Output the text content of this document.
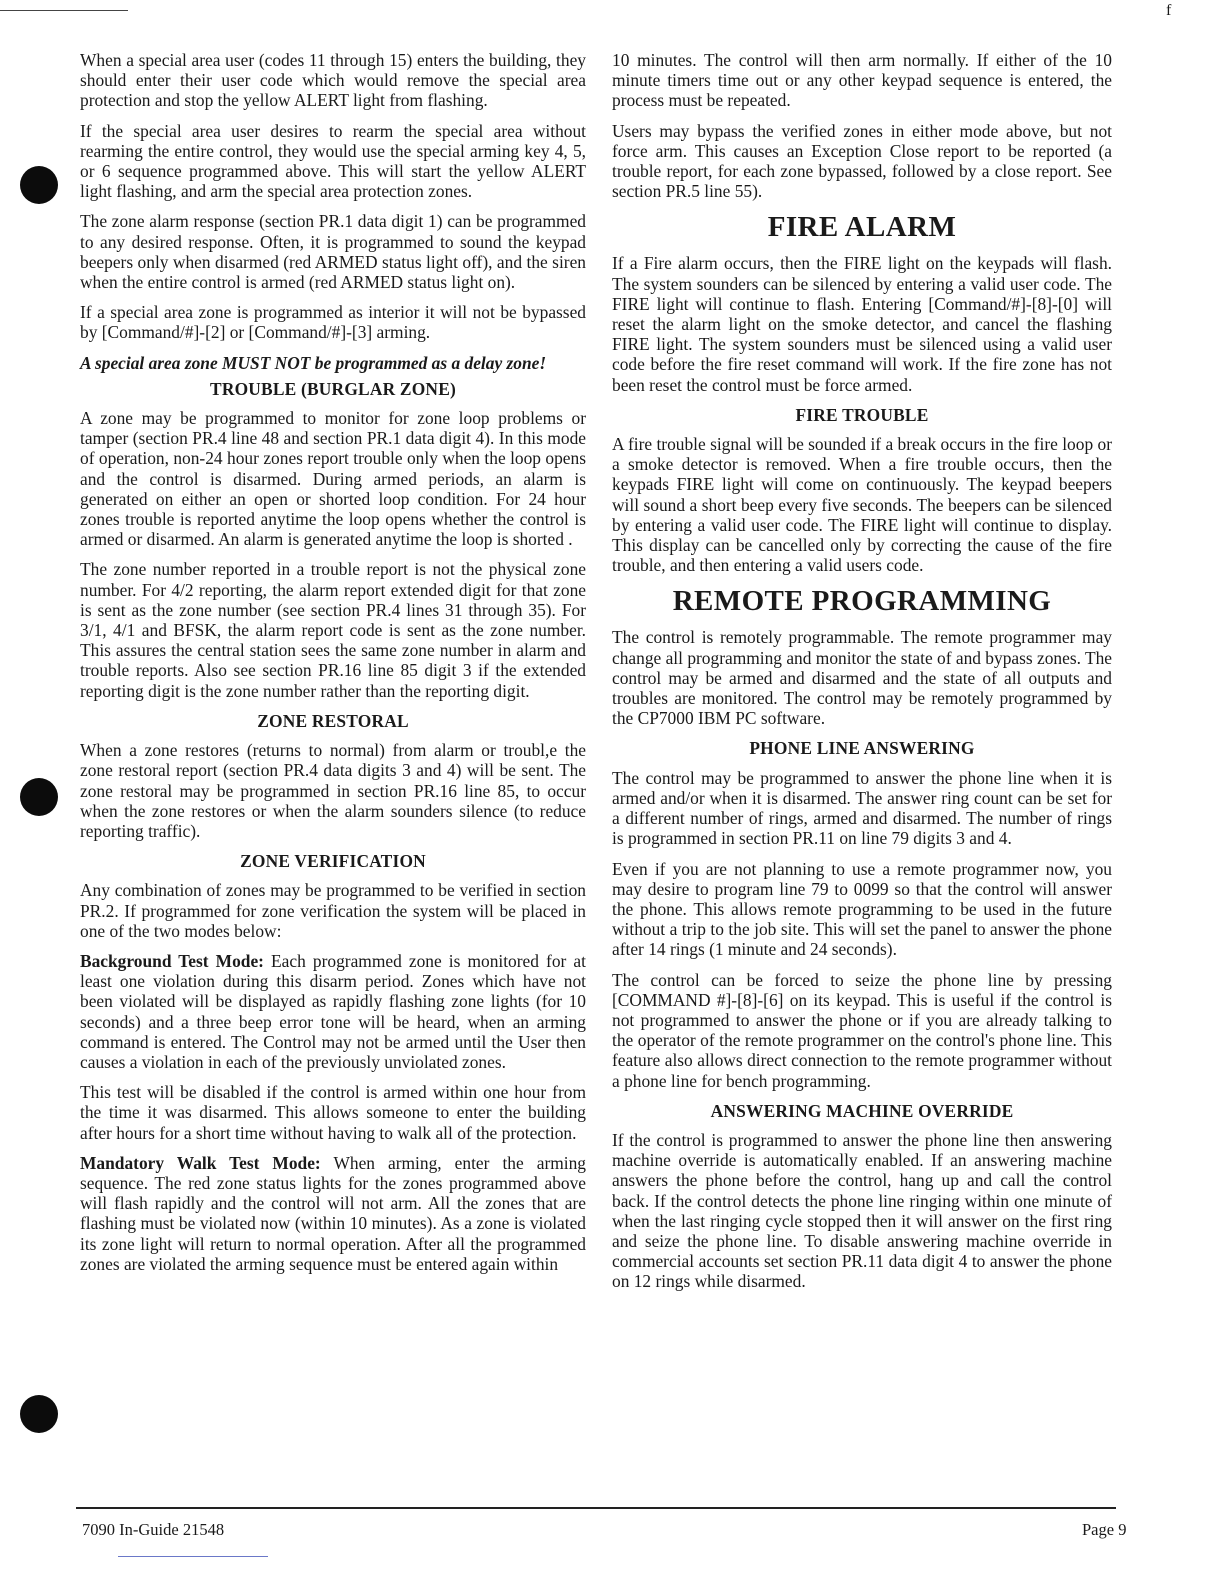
f

When a special area user (codes 11 through 15) enters the building, they should enter their user code which would remove the special area protection and stop the yellow ALERT light from flashing.

If the special area user desires to rearm the special area without rearming the entire control, they would use the special arming key 4, 5, or 6 sequence programmed above. This will start the yellow ALERT light flashing, and arm the special area protection zones.

The zone alarm response (section PR.1 data digit 1) can be programmed to any desired response. Often, it is programmed to sound the keypad beepers only when disarmed (red ARMED status light off), and the siren when the entire control is armed (red ARMED status light on).

If a special area zone is programmed as interior it will not be bypassed by [Command/#]-[2] or [Command/#]-[3] arming.

A special area zone MUST NOT be programmed as a delay zone!

TROUBLE (BURGLAR ZONE)

A zone may be programmed to monitor for zone loop problems or tamper (section PR.4 line 48 and section PR.1 data digit 4). In this mode of operation, non-24 hour zones report trouble only when the loop opens and the control is disarmed. During armed periods, an alarm is generated on either an open or shorted loop condition. For 24 hour zones trouble is reported anytime the loop opens whether the control is armed or disarmed. An alarm is generated anytime the loop is shorted .

The zone number reported in a trouble report is not the physical zone number. For 4/2 reporting, the alarm report extended digit for that zone is sent as the zone number (see section PR.4 lines 31 through 35). For 3/1, 4/1 and BFSK, the alarm report code is sent as the zone number. This assures the central station sees the same zone number in alarm and trouble reports. Also see section PR.16 line 85 digit 3 if the extended reporting digit is the zone number rather than the reporting digit.

ZONE RESTORAL

When a zone restores (returns to normal) from alarm or troubl,e the zone restoral report (section PR.4 data digits 3 and 4) will be sent. The zone restoral may be programmed in section PR.16 line 85, to occur when the zone restores or when the alarm sounders silence (to reduce reporting traffic).

ZONE VERIFICATION

Any combination of zones may be programmed to be verified in section PR.2. If programmed for zone verification the system will be placed in one of the two modes below:

Background Test Mode: Each programmed zone is monitored for at least one violation during this disarm period. Zones which have not been violated will be displayed as rapidly flashing zone lights (for 10 seconds) and a three beep error tone will be heard, when an arming command is entered. The Control may not be armed until the User then causes a violation in each of the previously unviolated zones.

This test will be disabled if the control is armed within one hour from the time it was disarmed. This allows someone to enter the building after hours for a short time without having to walk all of the protection.

Mandatory Walk Test Mode: When arming, enter the arming sequence. The red zone status lights for the zones programmed above will flash rapidly and the control will not arm. All the zones that are flashing must be violated now (within 10 minutes). As a zone is violated its zone light will return to normal operation. After all the programmed zones are violated the arming sequence must be entered again within

10 minutes. The control will then arm normally. If either of the 10 minute timers time out or any other keypad sequence is entered, the process must be repeated.

Users may bypass the verified zones in either mode above, but not force arm. This causes an Exception Close report to be reported (a trouble report, for each zone bypassed, followed by a close report. See section PR.5 line 55).

FIRE ALARM

If a Fire alarm occurs, then the FIRE light on the keypads will flash. The system sounders can be silenced by entering a valid user code. The FIRE light will continue to flash. Entering [Command/#]-[8]-[0] will reset the alarm light on the smoke detector, and cancel the flashing FIRE light. The system sounders must be silenced using a valid user code before the fire reset command will work. If the fire zone has not been reset the control must be force armed.

FIRE TROUBLE

A fire trouble signal will be sounded if a break occurs in the fire loop or a smoke detector is removed. When a fire trouble occurs, then the keypads FIRE light will come on continuously. The keypad beepers will sound a short beep every five seconds. The beepers can be silenced by entering a valid user code. The FIRE light will continue to display. This display can be cancelled only by correcting the cause of the fire trouble, and then entering a valid users code.

REMOTE PROGRAMMING

The control is remotely programmable. The remote programmer may change all programming and monitor the state of and bypass zones. The control may be armed and disarmed and the state of all outputs and troubles are monitored. The control may be remotely programmed by the CP7000 IBM PC software.

PHONE LINE ANSWERING

The control may be programmed to answer the phone line when it is armed and/or when it is disarmed. The answer ring count can be set for a different number of rings, armed and disarmed. The number of rings is programmed in section PR.11 on line 79 digits 3 and 4.

Even if you are not planning to use a remote programmer now, you may desire to program line 79 to 0099 so that the control will answer the phone. This allows remote programming to be used in the future without a trip to the job site. This will set the panel to answer the phone after 14 rings (1 minute and 24 seconds).

The control can be forced to seize the phone line by pressing [COMMAND #]-[8]-[6] on its keypad. This is useful if the control is not programmed to answer the phone or if you are already talking to the operator of the remote programmer on the control's phone line. This feature also allows direct connection to the remote programmer without a phone line for bench programming.

ANSWERING MACHINE OVERRIDE

If the control is programmed to answer the phone line then answering machine override is automatically enabled. If an answering machine answers the phone before the control, hang up and call the control back. If the control detects the phone line ringing within one minute of when the last ringing cycle stopped then it will answer on the first ring and seize the phone line. To disable answering machine override in commercial accounts set section PR.11 data digit 4 to answer the phone on 12 rings while disarmed.

7090 In-Guide 21548	Page 9
